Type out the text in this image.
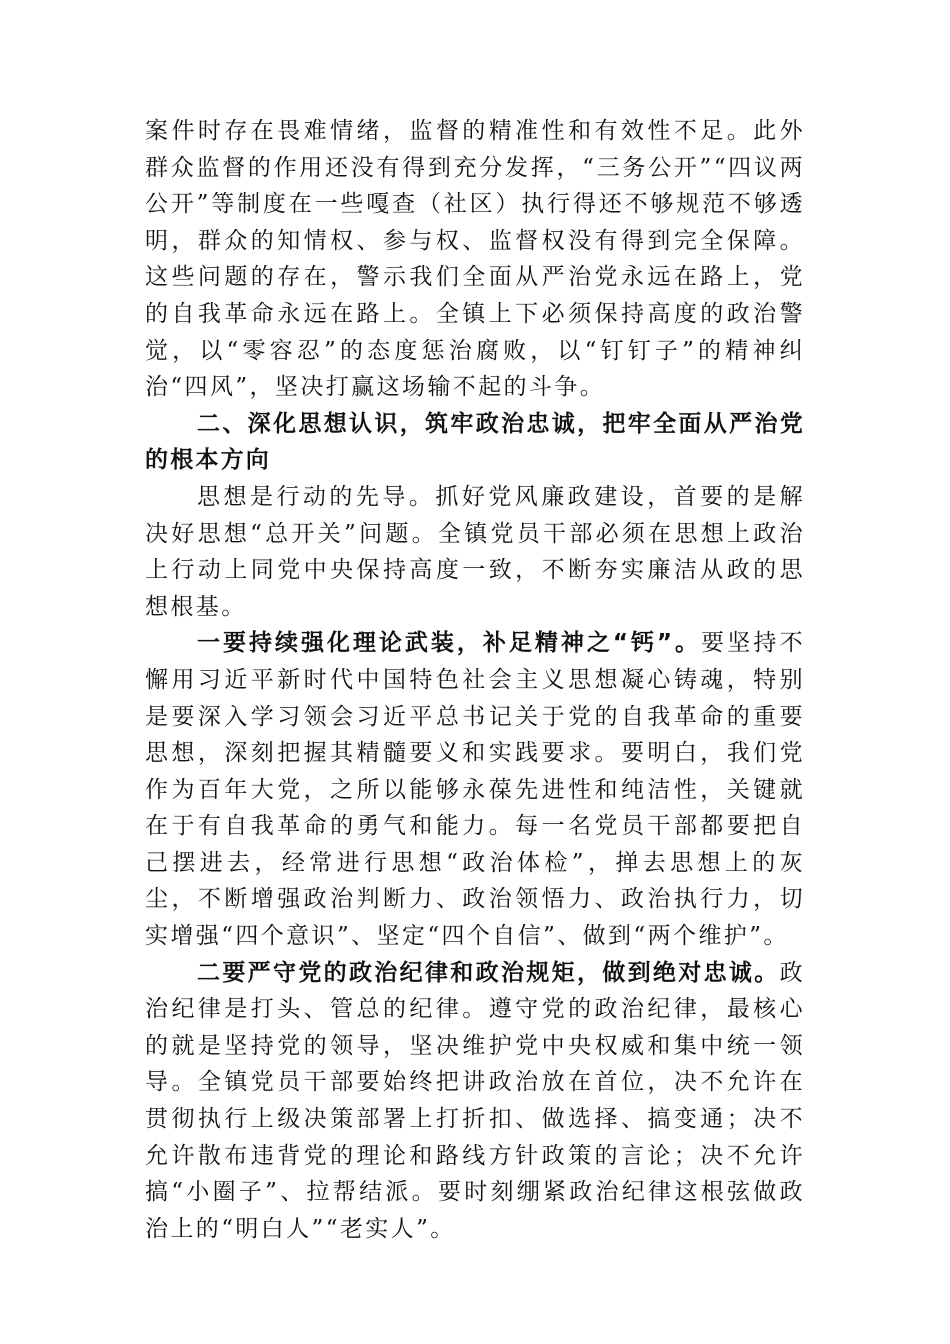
案件时存在畏难情绪，监督的精准性和有效性不足。此外群众监督的作用还没有得到充分发挥，“三务公开”“四议两公开”等制度在一些嘎查（社区）执行得还不够规范不够透明，群众的知情权、参与权、监督权没有得到完全保障。这些问题的存在，警示我们全面从严治党永远在路上，党的自我革命永远在路上。全镇上下必须保持高度的政治警觉，以“零容忍”的态度惩治腐败，以“钉钉子”的精神纠治“四风”，坚决打赢这场输不起的斗争。

二、深化思想认识，筑牢政治忠诚，把牢全面从严治党的根本方向

思想是行动的先导。抓好党风廉政建设，首要的是解决好思想“总开关”问题。全镇党员干部必须在思想上政治上行动上同党中央保持高度一致，不断夯实廉洁从政的思想根基。

一要持续强化理论武装，补足精神之“钙”。要坚持不懈用习近平新时代中国特色社会主义思想凝心铸魂，特别是要深入学习领会习近平总书记关于党的自我革命的重要思想，深刻把握其精髓要义和实践要求。要明白，我们党作为百年大党，之所以能够永葆先进性和纯洁性，关键就在于有自我革命的勇气和能力。每一名党员干部都要把自己摆进去，经常进行思想“政治体检”，掸去思想上的灰尘，不断增强政治判断力、政治领悟力、政治执行力，切实增强“四个意识”、坚定“四个自信”、做到“两个维护”。

二要严守党的政治纪律和政治规矩，做到绝对忠诚。政治纪律是打头、管总的纪律。遵守党的政治纪律，最核心的就是坚持党的领导，坚决维护党中央权威和集中统一领导。全镇党员干部要始终把讲政治放在首位，决不允许在贯彻执行上级决策部署上打折扣、做选择、搞变通；决不允许散布违背党的理论和路线方针政策的言论；决不允许搞“小圈子”、拉帮结派。要时刻绷紧政治纪律这根弦做政治上的“明白人”“老实人”。
